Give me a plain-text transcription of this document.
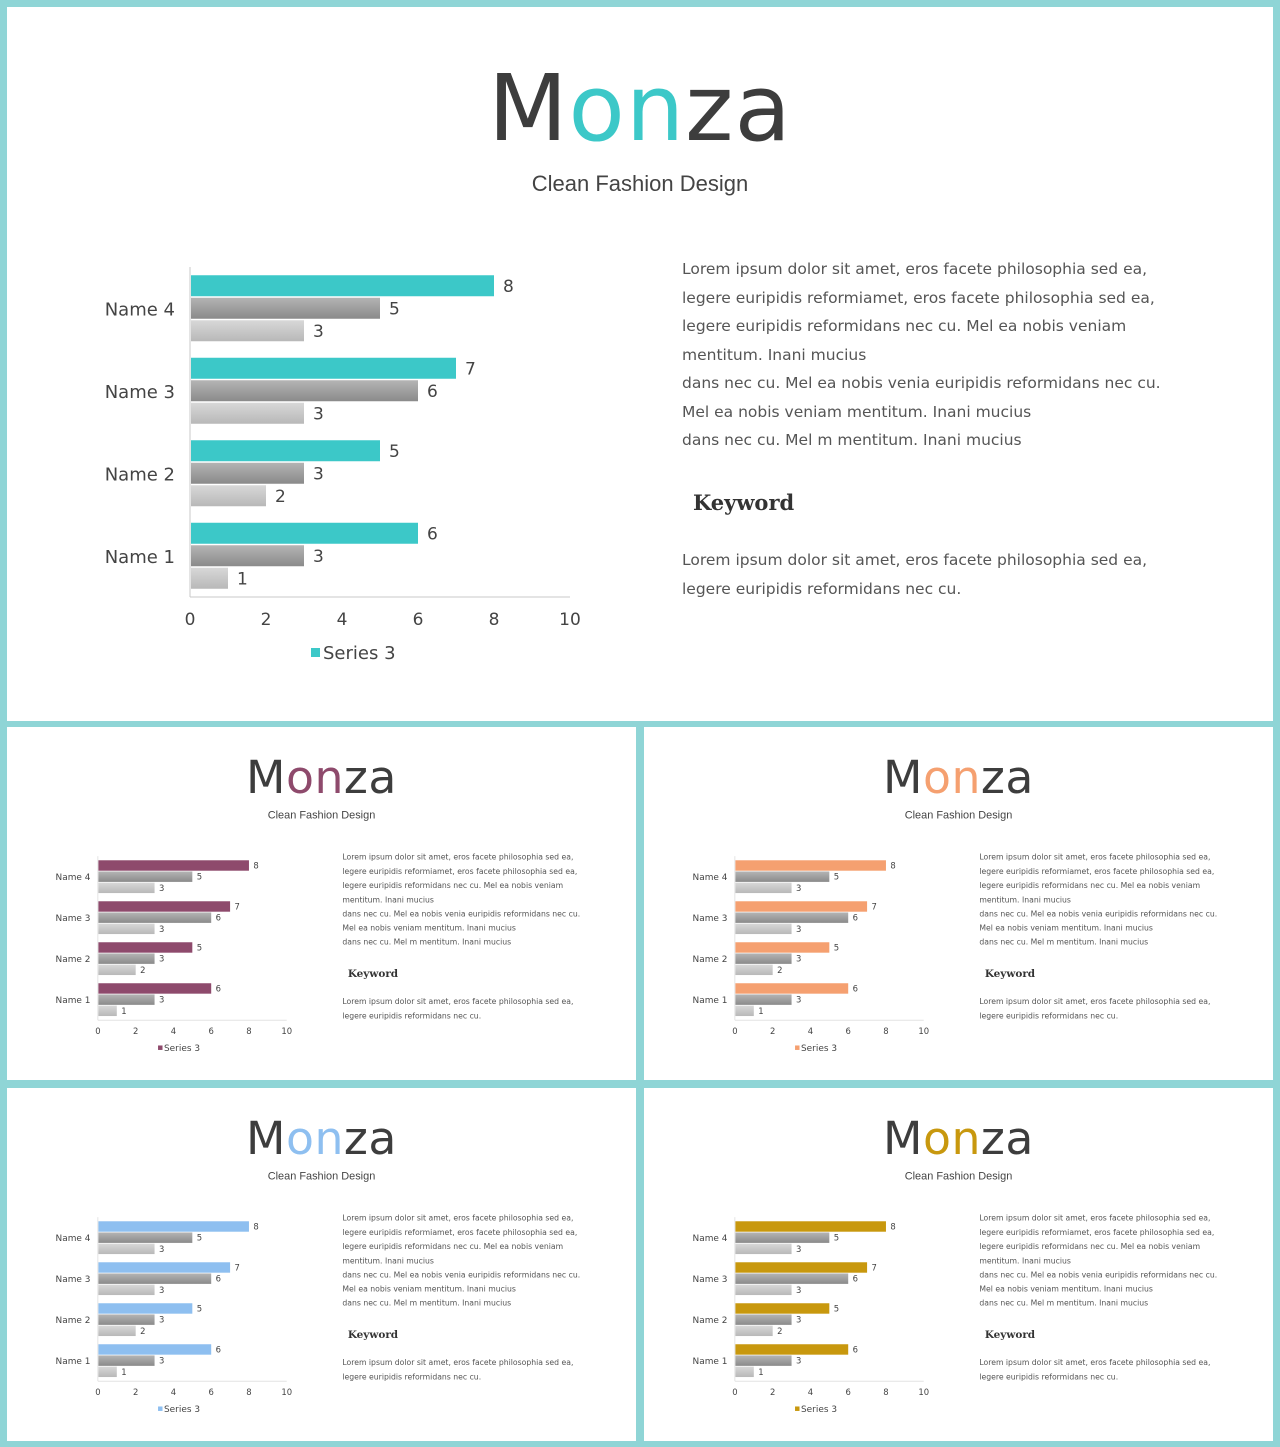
Monza
Clean Fashion Design
Name 4
8
5
3
Name 3
7
6
3
Name 2
5
3
2
Name 1
6
3
1
0	2	4	6	8	10
Series 3

Lorem ipsum dolor sit amet, eros facete philosophia sed ea,

legere euripidis reformiamet, eros facete philosophia sed ea,

legere euripidis reformidans nec cu. Mel ea nobis veniam

mentitum. Inani mucius

dans nec cu. Mel ea nobis venia euripidis reformidans nec cu.

Mel ea nobis veniam mentitum. Inani mucius

dans nec cu. Mel m mentitum. Inani mucius

Keyword

Lorem ipsum dolor sit amet, eros facete philosophia sed ea,

legere euripidis reformidans nec cu.

Monza
Clean Fashion Design
Name 4
8
5
3
Name 3
7
6
3
Name 2
5
3
2
Name 1
6
3
1
0 2 4 6 8 10
Series 3

Lorem ipsum dolor sit amet, eros facete philosophia sed ea,

legere euripidis reformiamet, eros facete philosophia sed ea,

legere euripidis reformidans nec cu. Mel ea nobis veniam

mentitum. Inani mucius

dans nec cu. Mel ea nobis venia euripidis reformidans nec cu.

Mel ea nobis veniam mentitum. Inani mucius

dans nec cu. Mel m mentitum. Inani mucius

Keyword

Lorem ipsum dolor sit amet, eros facete philosophia sed ea,

legere euripidis reformidans nec cu.

Monza
Clean Fashion Design
Name 4
8
5
3
Name 3
7
6
3
Name 2
5
3
2
Name 1
6
3
1
0 2 4 6 8 10
Series 3

Lorem ipsum dolor sit amet, eros facete philosophia sed ea,

legere euripidis reformiamet, eros facete philosophia sed ea,

legere euripidis reformidans nec cu. Mel ea nobis veniam

mentitum. Inani mucius

dans nec cu. Mel ea nobis venia euripidis reformidans nec cu.

Mel ea nobis veniam mentitum. Inani mucius

dans nec cu. Mel m mentitum. Inani mucius

Keyword

Lorem ipsum dolor sit amet, eros facete philosophia sed ea,

legere euripidis reformidans nec cu.

Monza
Clean Fashion Design
Name 4
8
5
3
Name 3
7
6
3
Name 2
5
3
2
Name 1
6
3
1
0 2 4 6 8 10
Series 3

Lorem ipsum dolor sit amet, eros facete philosophia sed ea,

legere euripidis reformiamet, eros facete philosophia sed ea,

legere euripidis reformidans nec cu. Mel ea nobis veniam

mentitum. Inani mucius

dans nec cu. Mel ea nobis venia euripidis reformidans nec cu.

Mel ea nobis veniam mentitum. Inani mucius

dans nec cu. Mel m mentitum. Inani mucius

Keyword

Lorem ipsum dolor sit amet, eros facete philosophia sed ea,

legere euripidis reformidans nec cu.

Monza
Clean Fashion Design
Name 4
8
5
3
Name 3
7
6
3
Name 2
5
3
2
Name 1
6
3
1
0 2 4 6 8 10
Series 3

Lorem ipsum dolor sit amet, eros facete philosophia sed ea,

legere euripidis reformiamet, eros facete philosophia sed ea,

legere euripidis reformidans nec cu. Mel ea nobis veniam

mentitum. Inani mucius

dans nec cu. Mel ea nobis venia euripidis reformidans nec cu.

Mel ea nobis veniam mentitum. Inani mucius

dans nec cu. Mel m mentitum. Inani mucius

Keyword

Lorem ipsum dolor sit amet, eros facete philosophia sed ea,

legere euripidis reformidans nec cu.
